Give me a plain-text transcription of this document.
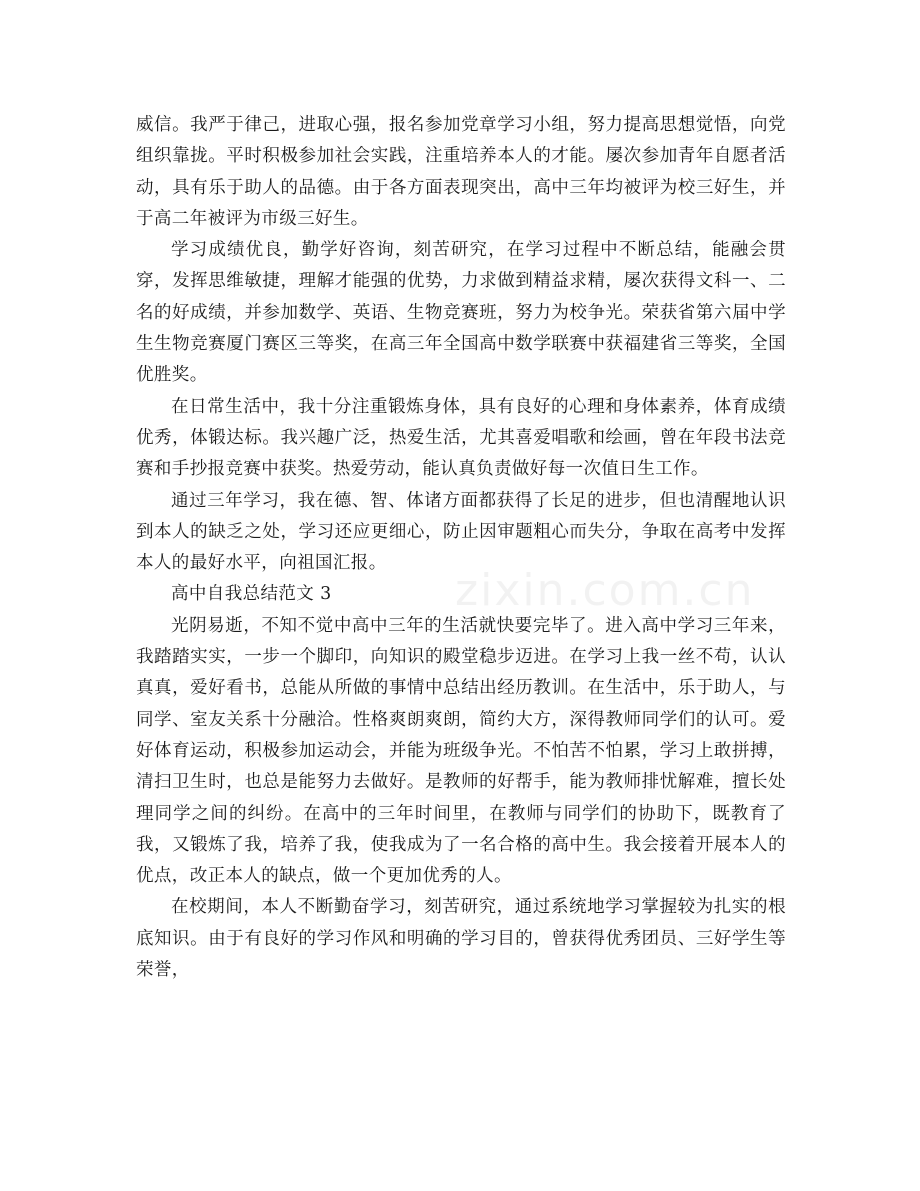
威信。我严于律己，进取心强，报名参加党章学习小组，努力提高思想觉悟，向党组织靠拢。平时积极参加社会实践，注重培养本人的才能。屡次参加青年自愿者活动，具有乐于助人的品德。由于各方面表现突出，高中三年均被评为校三好生，并于高二年被评为市级三好生。

学习成绩优良，勤学好咨询，刻苦研究，在学习过程中不断总结，能融会贯穿，发挥思维敏捷，理解才能强的优势，力求做到精益求精，屡次获得文科一、二名的好成绩，并参加数学、英语、生物竞赛班，努力为校争光。荣获省第六届中学生生物竞赛厦门赛区三等奖，在高三年全国高中数学联赛中获福建省三等奖，全国优胜奖。

在日常生活中，我十分注重锻炼身体，具有良好的心理和身体素养，体育成绩优秀，体锻达标。我兴趣广泛，热爱生活，尤其喜爱唱歌和绘画，曾在年段书法竞赛和手抄报竞赛中获奖。热爱劳动，能认真负责做好每一次值日生工作。

通过三年学习，我在德、智、体诸方面都获得了长足的进步，但也清醒地认识到本人的缺乏之处，学习还应更细心，防止因审题粗心而失分，争取在高考中发挥本人的最好水平，向祖国汇报。

高中自我总结范文 3

光阴易逝，不知不觉中高中三年的生活就快要完毕了。进入高中学习三年来，我踏踏实实，一步一个脚印，向知识的殿堂稳步迈进。在学习上我一丝不苟，认认真真，爱好看书，总能从所做的事情中总结出经历教训。在生活中，乐于助人，与同学、室友关系十分融洽。性格爽朗爽朗，简约大方，深得教师同学们的认可。爱好体育运动，积极参加运动会，并能为班级争光。不怕苦不怕累，学习上敢拼搏，清扫卫生时，也总是能努力去做好。是教师的好帮手，能为教师排忧解难，擅长处理同学之间的纠纷。在高中的三年时间里，在教师与同学们的协助下，既教育了我，又锻炼了我，培养了我，使我成为了一名合格的高中生。我会接着开展本人的优点，改正本人的缺点，做一个更加优秀的人。

在校期间，本人不断勤奋学习，刻苦研究，通过系统地学习掌握较为扎实的根底知识。由于有良好的学习作风和明确的学习目的，曾获得优秀团员、三好学生等荣誉，

zixin.com.cn
